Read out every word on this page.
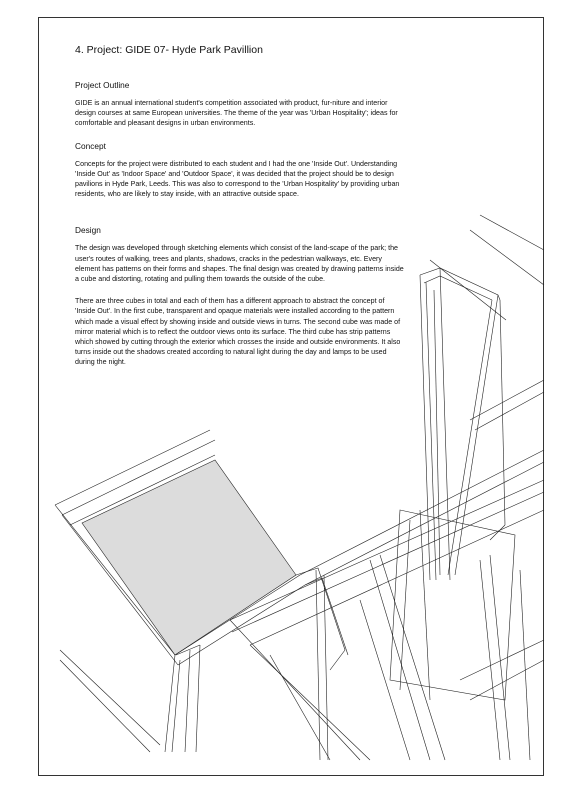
4. Project: GIDE 07- Hyde Park Pavillion
Project Outline

GIDE is an annual international student's competition associated with product, fur-niture and interior design courses at same European universities. The theme of the year was 'Urban Hospitality'; ideas for comfortable and pleasant designs in urban environments.

Concept

Concepts for the project were distributed to each student and I had the one 'Inside Out'. Understanding 'Inside Out' as 'Indoor Space' and 'Outdoor Space', it was decided that the project should be to design pavilions in Hyde Park, Leeds. This was also to correspond to the 'Urban Hospitality' by providing urban residents, who are likely to stay inside, with an attractive outside space.

Design

The design was developed through sketching elements which consist of the land-scape of the park; the user's routes of walking, trees and plants, shadows, cracks in the pedestrian walkways, etc. Every element has patterns on their forms and shapes. The final design was created by drawing patterns inside a cube and distorting, rotating and pulling them towards the outside of the cube.

There are three cubes in total and each of them has a different approach to abstract the concept of 'Inside Out'. In the first cube, transparent and opaque materials were installed according to the pattern which made a visual effect by showing inside and outside views in turns. The second cube was made of mirror material which is to reflect the outdoor views onto its surface. The third cube has strip patterns which showed by cutting through the exterior which crosses the inside and outside environments. It also turns inside out the shadows created according to natural light during the day and lamps to be used during the night.
